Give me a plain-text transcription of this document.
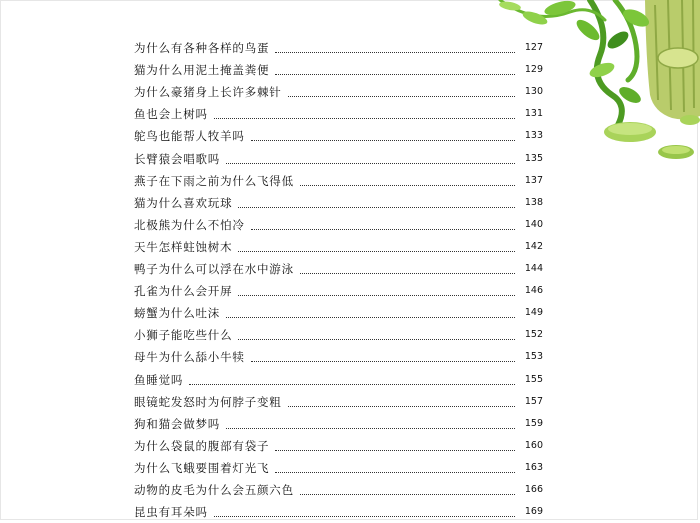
为什么有各种各样的鸟蛋	127
猫为什么用泥土掩盖粪便	129
为什么豪猪身上长许多棘针	130
鱼也会上树吗	131
鸵鸟也能帮人牧羊吗	133
长臂猿会唱歌吗	135
燕子在下雨之前为什么飞得低	137
猫为什么喜欢玩球	138
北极熊为什么不怕冷	140
天牛怎样蛀蚀树木	142
鸭子为什么可以浮在水中游泳	144
孔雀为什么会开屏	146
螃蟹为什么吐沫	149
小狮子能吃些什么	152
母牛为什么舔小牛犊	153
鱼睡觉吗	155
眼镜蛇发怒时为何脖子变粗	157
狗和猫会做梦吗	159
为什么袋鼠的腹部有袋子	160
为什么飞蛾要围着灯光飞	163
动物的皮毛为什么会五颜六色	166
昆虫有耳朵吗	169
